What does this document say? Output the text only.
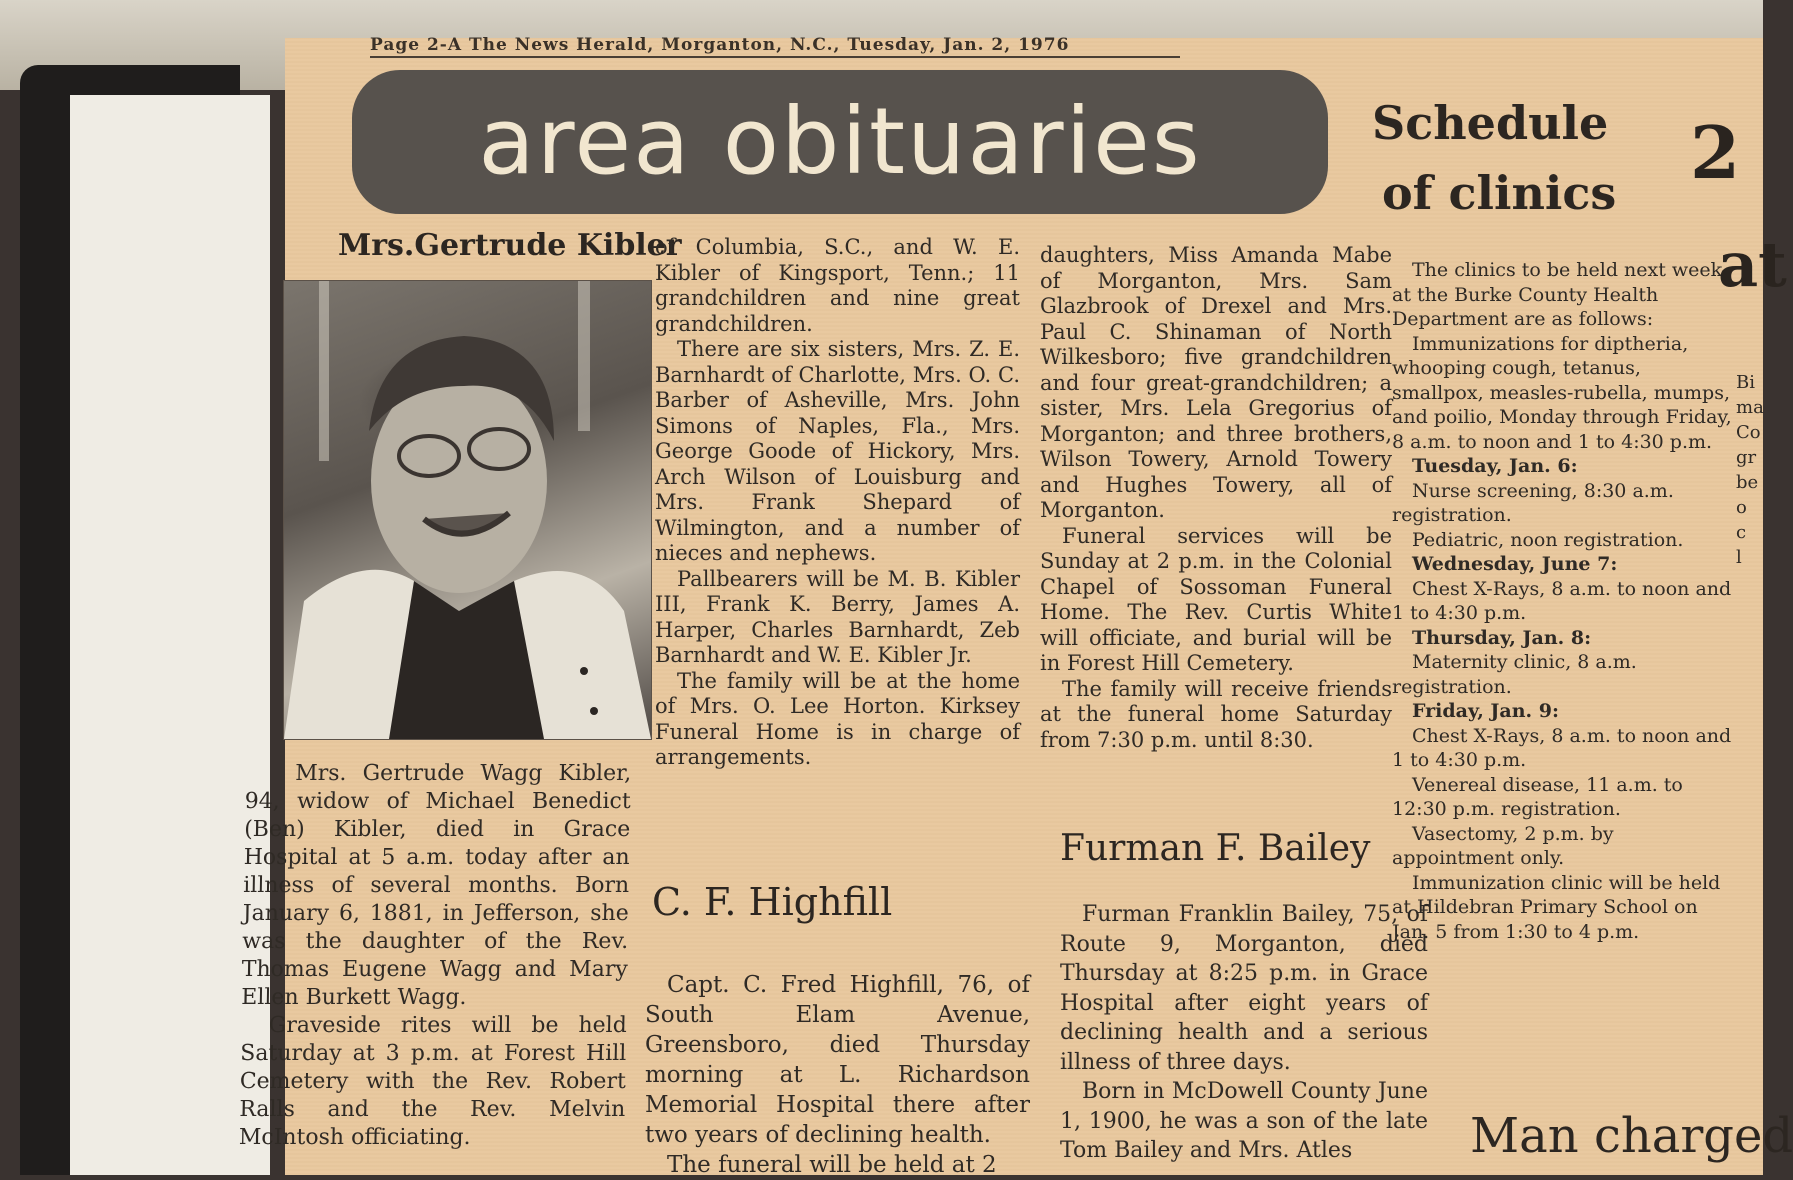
Page 2-A The News Herald, Morganton, N.C., Tuesday, Jan. 2, 1976
area obituaries
Mrs.Gertrude Kibler

Mrs. Gertrude Wagg Kibler, 94, widow of Michael Benedict (Ben) Kibler, died in Grace Hospital at 5 a.m. today after an illness of several months. Born January 6, 1881, in Jefferson, she was the daughter of the Rev. Thomas Eugene Wagg and Mary Ellen Burkett Wagg.

Graveside rites will be held Saturday at 3 p.m. at Forest Hill Cemetery with the Rev. Robert Ralls and the Rev. Melvin McIntosh officiating.

of Columbia, S.C., and W. E. Kibler of Kingsport, Tenn.; 11 grandchildren and nine great grandchildren.

There are six sisters, Mrs. Z. E. Barnhardt of Charlotte, Mrs. O. C. Barber of Asheville, Mrs. John Simons of Naples, Fla., Mrs. George Goode of Hickory, Mrs. Arch Wilson of Louisburg and Mrs. Frank Shepard of Wilmington, and a number of nieces and nephews.

Pallbearers will be M. B. Kibler III, Frank K. Berry, James A. Harper, Charles Barnhardt, Zeb Barnhardt and W. E. Kibler Jr.

The family will be at the home of Mrs. O. Lee Horton. Kirksey Funeral Home is in charge of arrangements.

daughters, Miss Amanda Mabe of Morganton, Mrs. Sam Glazbrook of Drexel and Mrs. Paul C. Shinaman of North Wilkesboro; five grandchildren and four great-grandchildren; a sister, Mrs. Lela Gregorius of Morganton; and three brothers, Wilson Towery, Arnold Towery and Hughes Towery, all of Morganton.

Funeral services will be Sunday at 2 p.m. in the Colonial Chapel of Sossoman Funeral Home. The Rev. Curtis White will officiate, and burial will be in Forest Hill Cemetery.

The family will receive friends at the funeral home Saturday from 7:30 p.m. until 8:30.

C. F. Highfill

Capt. C. Fred Highfill, 76, of South Elam Avenue, Greensboro, died Thursday morning at L. Richardson Memorial Hospital there after two years of declining health.

The funeral will be held at 2

Furman F. Bailey

Furman Franklin Bailey, 75, of Route 9, Morganton, died Thursday at 8:25 p.m. in Grace Hospital after eight years of declining health and a serious illness of three days.

Born in McDowell County June 1, 1900, he was a son of the late Tom Bailey and Mrs. Atles

Schedule
of clinics

The clinics to be held next week at the Burke County Health Department are as follows:

Immunizations for diptheria, whooping cough, tetanus, smallpox, measles-rubella, mumps, and poilio, Monday through Friday, 8 a.m. to noon and 1 to 4:30 p.m.

Tuesday, Jan. 6:

Nurse screening, 8:30 a.m. registration.

Pediatric, noon registration.

Wednesday, June 7:

Chest X-Rays, 8 a.m. to noon and 1 to 4:30 p.m.

Thursday, Jan. 8:

Maternity clinic, 8 a.m. registration.

Friday, Jan. 9:

Chest X-Rays, 8 a.m. to noon and 1 to 4:30 p.m.

Venereal disease, 11 a.m. to 12:30 p.m. registration.

Vasectomy, 2 p.m. by appointment only.

Immunization clinic will be held at Hildebran Primary School on Jan. 5 from 1:30 to 4 p.m.

2
at
Bi
ma
Co
gr
be
o
c
l
Man charged
